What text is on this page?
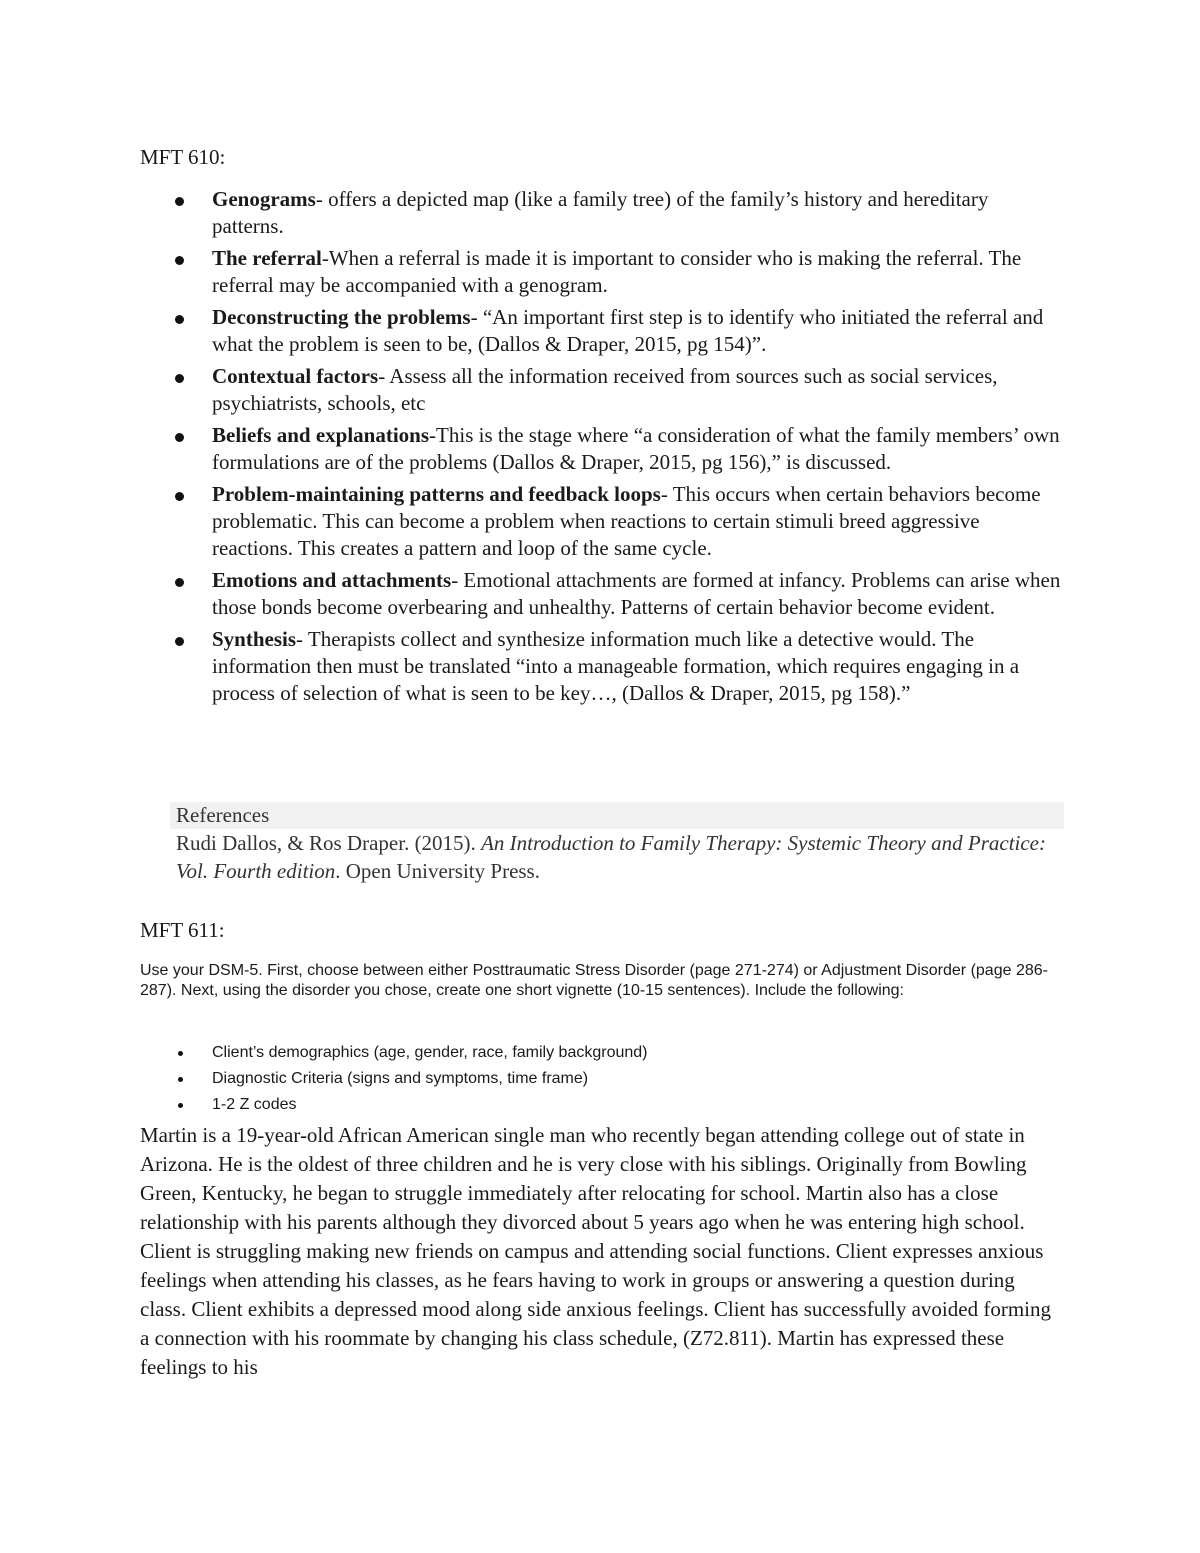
MFT 610:
Genograms- offers a depicted map (like a family tree) of the family’s history and hereditary patterns.
The referral-When a referral is made it is important to consider who is making the referral. The referral may be accompanied with a genogram.
Deconstructing the problems- “An important first step is to identify who initiated the referral and what the problem is seen to be, (Dallos & Draper, 2015, pg 154)”.
Contextual factors- Assess all the information received from sources such as social services, psychiatrists, schools, etc
Beliefs and explanations-This is the stage where “a consideration of what the family members’ own formulations are of the problems (Dallos & Draper, 2015, pg 156),” is discussed.
Problem-maintaining patterns and feedback loops- This occurs when certain behaviors become problematic. This can become a problem when reactions to certain stimuli breed aggressive reactions. This creates a pattern and loop of the same cycle.
Emotions and attachments- Emotional attachments are formed at infancy. Problems can arise when those bonds become overbearing and unhealthy. Patterns of certain behavior become evident.
Synthesis- Therapists collect and synthesize information much like a detective would. The information then must be translated “into a manageable formation, which requires engaging in a process of selection of what is seen to be key…, (Dallos & Draper, 2015, pg 158).”
References
Rudi Dallos, & Ros Draper. (2015). An Introduction to Family Therapy: Systemic Theory and Practice: Vol. Fourth edition. Open University Press.
MFT 611:
Use your DSM-5. First, choose between either Posttraumatic Stress Disorder (page 271-274) or Adjustment Disorder (page 286-287). Next, using the disorder you chose, create one short vignette (10-15 sentences). Include the following:
Client’s demographics (age, gender, race, family background)
Diagnostic Criteria (signs and symptoms, time frame)
1-2 Z codes
Martin is a 19-year-old African American single man who recently began attending college out of state in Arizona. He is the oldest of three children and he is very close with his siblings. Originally from Bowling Green, Kentucky, he began to struggle immediately after relocating for school. Martin also has a close relationship with his parents although they divorced about 5 years ago when he was entering high school. Client is struggling making new friends on campus and attending social functions. Client expresses anxious feelings when attending his classes, as he fears having to work in groups or answering a question during class. Client exhibits a depressed mood along side anxious feelings. Client has successfully avoided forming a connection with his roommate by changing his class schedule, (Z72.811). Martin has expressed these feelings to his
